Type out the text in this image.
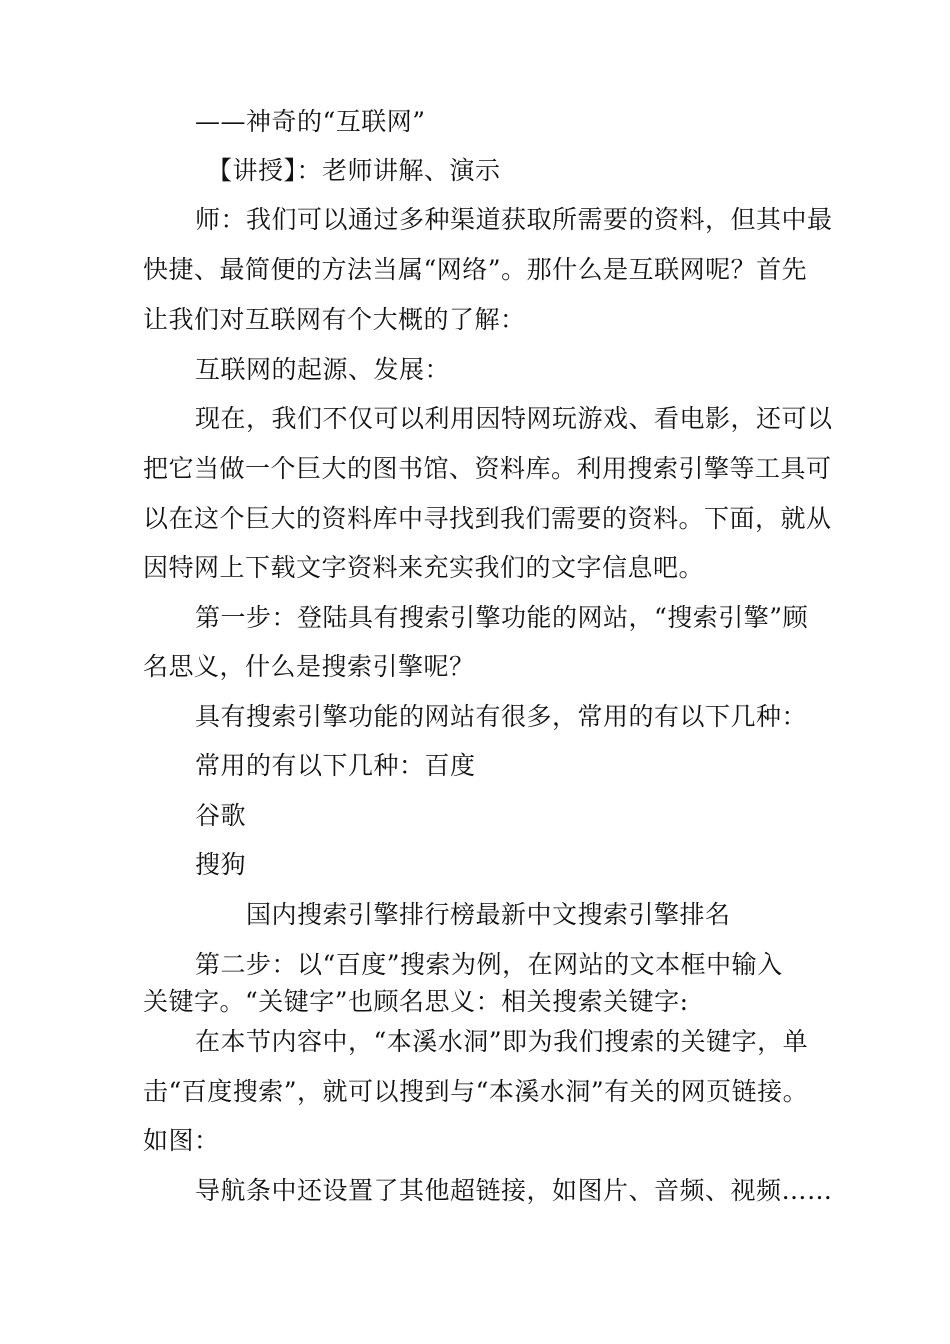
——神奇的“互联网”
【讲授】：老师讲解、演示
师：我们可以通过多种渠道获取所需要的资料，但其中最
快捷、最简便的方法当属“网络”。那什么是互联网呢？首先
让我们对互联网有个大概的了解：
互联网的起源、发展：
现在，我们不仅可以利用因特网玩游戏、看电影，还可以
把它当做一个巨大的图书馆、资料库。利用搜索引擎等工具可
以在这个巨大的资料库中寻找到我们需要的资料。下面，就从
因特网上下载文字资料来充实我们的文字信息吧。
第一步：登陆具有搜索引擎功能的网站，“搜索引擎”顾
名思义，什么是搜索引擎呢？
具有搜索引擎功能的网站有很多，常用的有以下几种：
常用的有以下几种：百度
谷歌
搜狗
国内搜索引擎排行榜最新中文搜索引擎排名
第二步：以“百度”搜索为例，在网站的文本框中输入
关键字。“关键字”也顾名思义：相关搜索关键字:
在本节内容中，“本溪水洞”即为我们搜索的关键字，单
击“百度搜索”，就可以搜到与“本溪水洞”有关的网页链接。
如图：
导航条中还设置了其他超链接，如图片、音频、视频……
